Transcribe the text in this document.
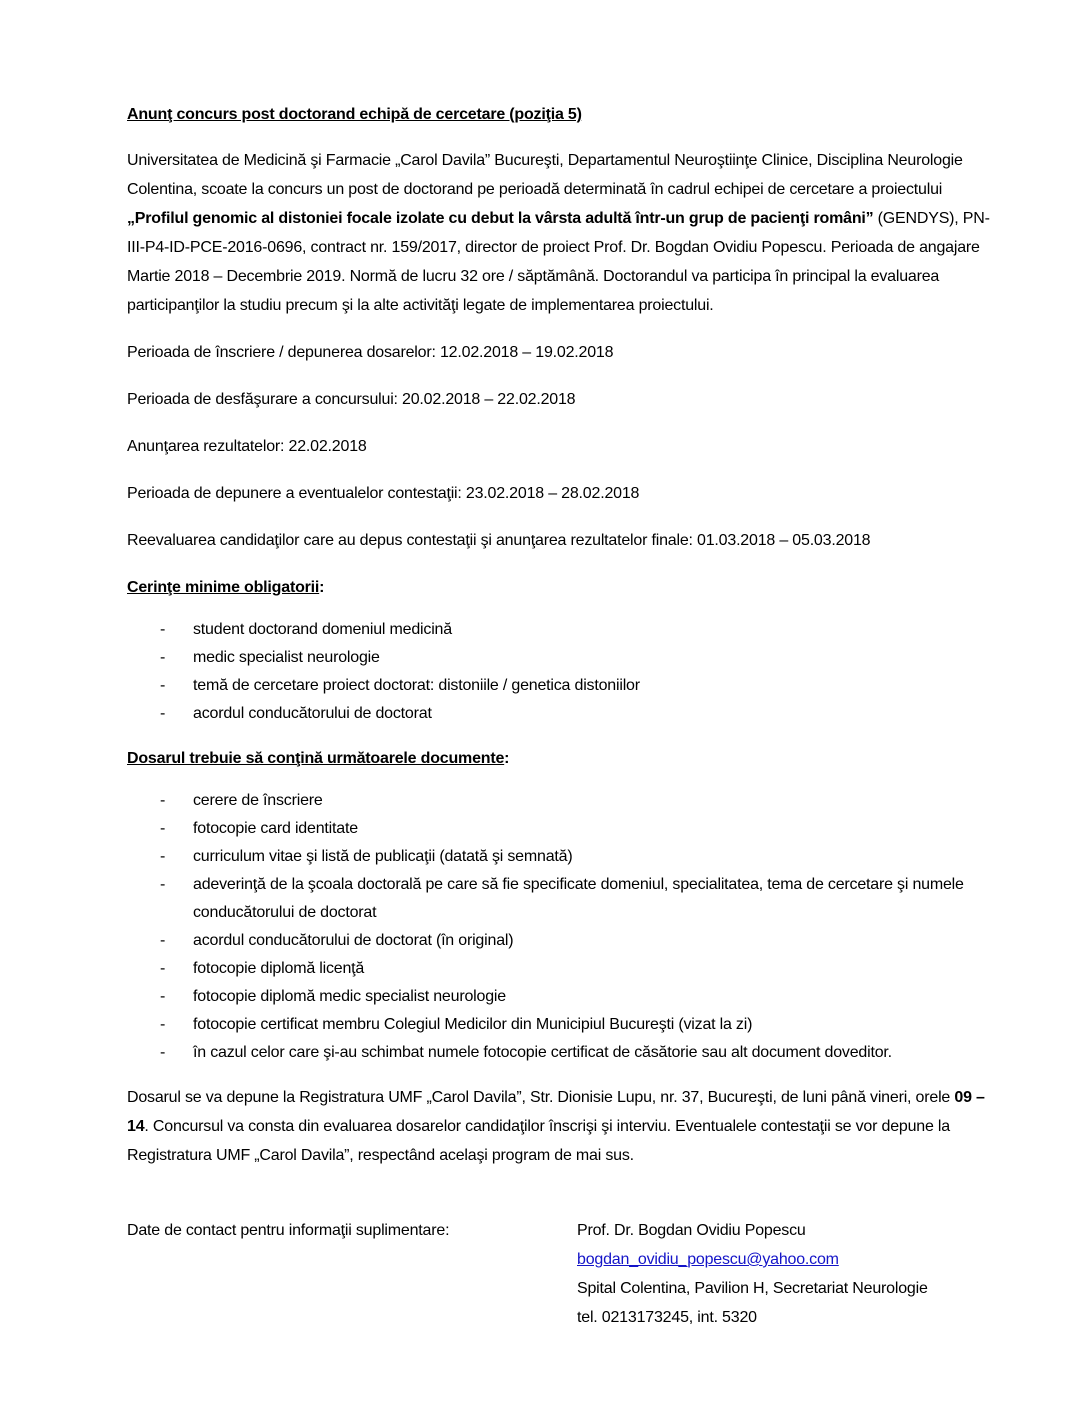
Anunţ concurs post doctorand echipă de cercetare (poziţia 5)

Universitatea de Medicină şi Farmacie „Carol Davila” Bucureşti, Departamentul Neuroştiinţe Clinice, Disciplina Neurologie Colentina, scoate la concurs un post de doctorand pe perioadă determinată în cadrul echipei de cercetare a proiectului „Profilul genomic al distoniei focale izolate cu debut la vârsta adultă într-un grup de pacienţi români” (GENDYS), PN-III-P4-ID-PCE-2016-0696, contract nr. 159/2017, director de proiect Prof. Dr. Bogdan Ovidiu Popescu. Perioada de angajare Martie 2018 – Decembrie 2019. Normă de lucru 32 ore / săptămână. Doctorandul va participa în principal la evaluarea participanţilor la studiu precum şi la alte activităţi legate de implementarea proiectului.

Perioada de înscriere / depunerea dosarelor: 12.02.2018 – 19.02.2018

Perioada de desfăşurare a concursului: 20.02.2018 – 22.02.2018

Anunţarea rezultatelor: 22.02.2018

Perioada de depunere a eventualelor contestaţii: 23.02.2018 – 28.02.2018

Reevaluarea candidaţilor care au depus contestaţii şi anunţarea rezultatelor finale: 01.03.2018 – 05.03.2018

Cerinţe minime obligatorii:
- student doctorand domeniul medicină
- medic specialist neurologie
- temă de cercetare proiect doctorat: distoniile / genetica distoniilor
- acordul conducătorului de doctorat
Dosarul trebuie să conţină următoarele documente:
- cerere de înscriere
- fotocopie card identitate
- curriculum vitae şi listă de publicaţii (datată şi semnată)
- adeverinţă de la şcoala doctorală pe care să fie specificate domeniul, specialitatea, tema de cercetare şi numele conducătorului de doctorat
- acordul conducătorului de doctorat (în original)
- fotocopie diplomă licenţă
- fotocopie diplomă medic specialist neurologie
- fotocopie certificat membru Colegiul Medicilor din Municipiul Bucureşti (vizat la zi)
- în cazul celor care şi-au schimbat numele fotocopie certificat de căsătorie sau alt document doveditor.

Dosarul se va depune la Registratura UMF „Carol Davila”, Str. Dionisie Lupu, nr. 37, Bucureşti, de luni până vineri, orele 09 – 14. Concursul va consta din evaluarea dosarelor candidaţilor înscrişi şi interviu. Eventualele contestaţii se vor depune la Registratura UMF „Carol Davila”, respectând acelaşi program de mai sus.

Date de contact pentru informaţii suplimentare:	Prof. Dr. Bogdan Ovidiu Popescu
bogdan_ovidiu_popescu@yahoo.com
Spital Colentina, Pavilion H, Secretariat Neurologie
tel. 0213173245, int. 5320
